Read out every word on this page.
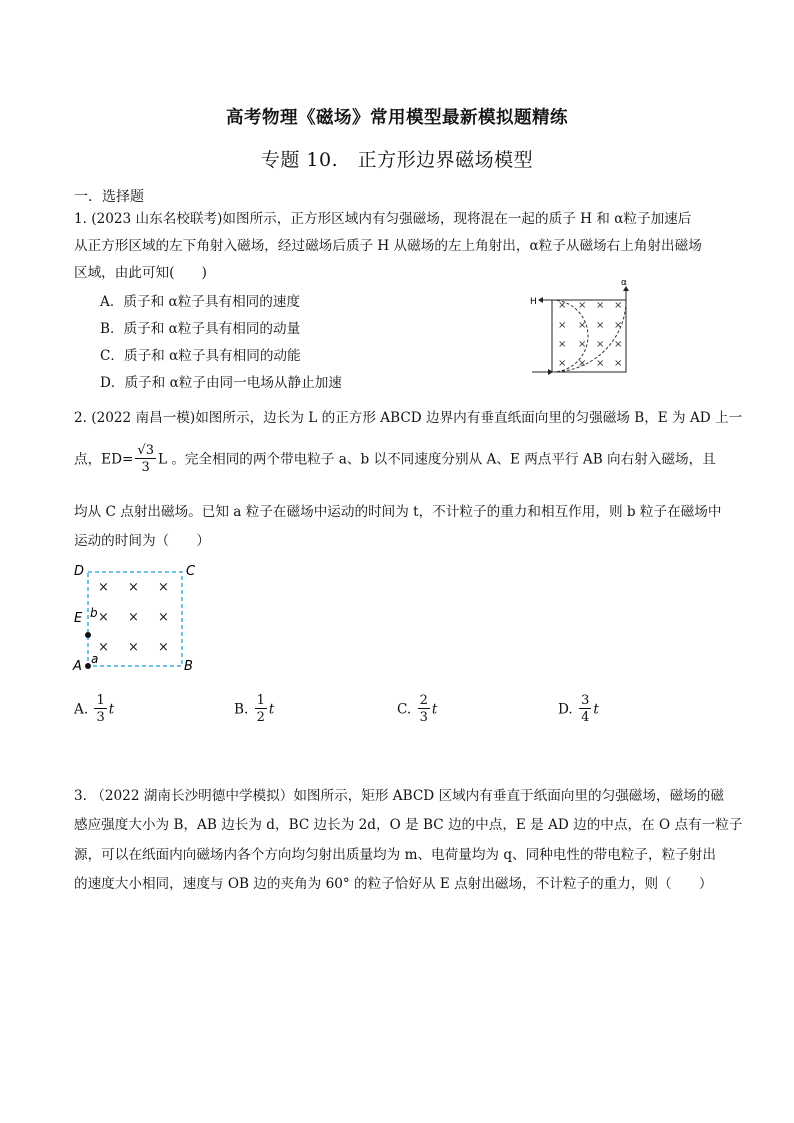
高考物理《磁场》常用模型最新模拟题精练
专题 10.　正方形边界磁场模型
一．选择题
1. (2023 山东名校联考)如图所示，正方形区域内有匀强磁场，现将混在一起的质子 H 和 α粒子加速后
从正方形区域的左下角射入磁场，经过磁场后质子 H 从磁场的左上角射出，α粒子从磁场右上角射出磁场
区域，由此可知(　　)
A．质子和 α粒子具有相同的速度
B．质子和 α粒子具有相同的动量
C．质子和 α粒子具有相同的动能
D．质子和 α粒子由同一电场从静止加速
H
α
× × × ×
× × × ×
× × × ×
× × × ×
2. (2022 南昌一模)如图所示，边长为 L 的正方形 ABCD 边界内有垂直纸面向里的匀强磁场 B，E 为 AD 上一
点，$ED= \frac{√3}{3}$ L 。完全相同的两个带电粒子 a、b 以不同速度分别从 A、E 两点平行 AB 向右射入磁场，且
均从 C 点射出磁场。已知 a 粒子在磁场中运动的时间为 t，不计粒子的重力和相互作用，则 b 粒子在磁场中
运动的时间为（　　）
D	C
E
A	B
b
a
× × ×
× × ×
× × ×
A. $\frac{1}{3}$ t	B. $\frac{1}{2}$ t	C. $\frac{2}{3}$ t	D. $\frac{3}{4}$ t
3. （2022 湖南长沙明德中学模拟）如图所示，矩形 ABCD 区域内有垂直于纸面向里的匀强磁场，磁场的磁
感应强度大小为 B，AB 边长为 d，BC 边长为 2d，O 是 BC 边的中点，E 是 AD 边的中点，在 O 点有一粒子
源，可以在纸面内向磁场内各个方向均匀射出质量均为 m、电荷量均为 q、同种电性的带电粒子，粒子射出
的速度大小相同，速度与 OB 边的夹角为 60° 的粒子恰好从 E 点射出磁场，不计粒子的重力，则（　　）
